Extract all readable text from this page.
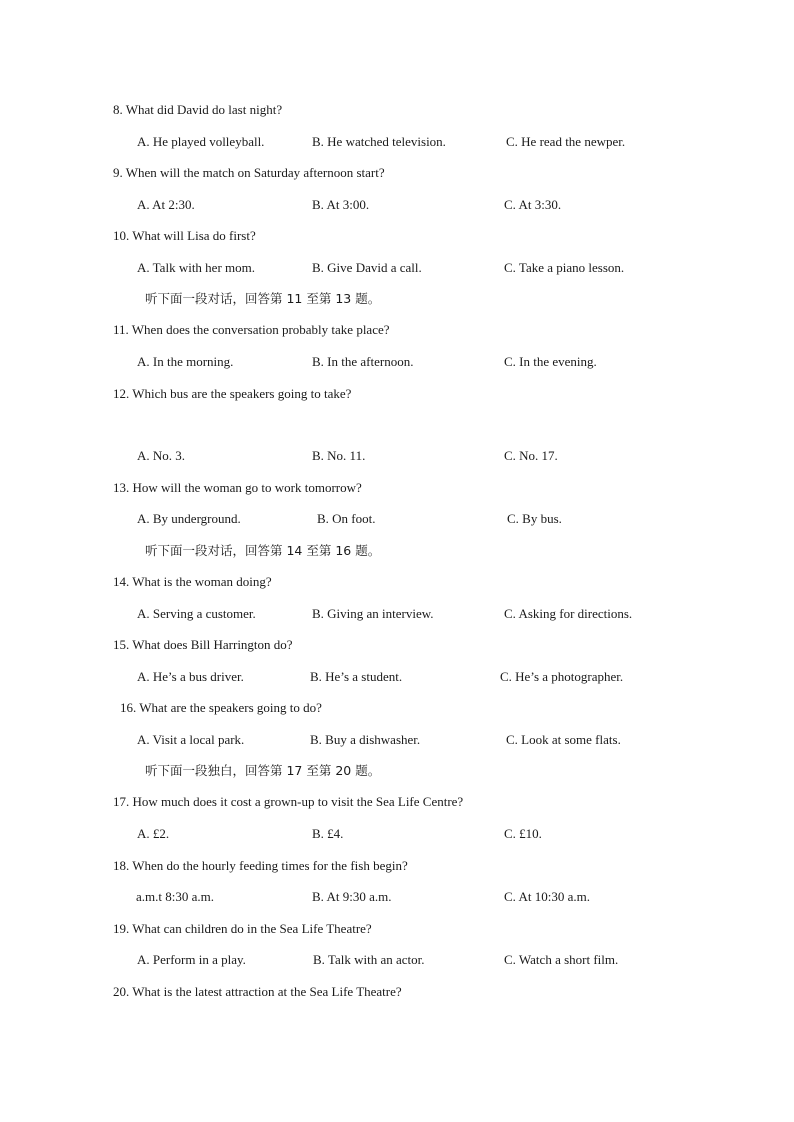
8. What did David do last night?
A. He played volleyball.	B. He watched television.	C. He read the newper.
9. When will the match on Saturday afternoon start?
A. At 2:30.	B. At 3:00.	C. At 3:30.
10. What will Lisa do first?
A. Talk with her mom.	B. Give David a call.	C. Take a piano lesson.
听下面一段对话，回答第 11 至第 13 题。
11. When does the conversation probably take place?
A. In the morning.	B. In the afternoon.	C. In the evening.
12. Which bus are the speakers going to take?
A. No. 3.	B. No. 11.	C. No. 17.
13. How will the woman go to work tomorrow?
A. By underground.	B. On foot.	C. By bus.
听下面一段对话，回答第 14 至第 16 题。
14. What is the woman doing?
A. Serving a customer.	B. Giving an interview.	C. Asking for directions.
15. What does Bill Harrington do?
A. He’s a bus driver.	B. He’s a student.	C. He’s a photographer.
16. What are the speakers going to do?
A. Visit a local park.	B. Buy a dishwasher.	C. Look at some flats.
听下面一段独白，回答第 17 至第 20 题。
17. How much does it cost a grown-up to visit the Sea Life Centre?
A. £2.	B. £4.	C. £10.
18. When do the hourly feeding times for the fish begin?
a.m.t 8:30 a.m.	B. At 9:30 a.m.	C. At 10:30 a.m.
19. What can children do in the Sea Life Theatre?
A. Perform in a play.	B. Talk with an actor.	C. Watch a short film.
20. What is the latest attraction at the Sea Life Theatre?
